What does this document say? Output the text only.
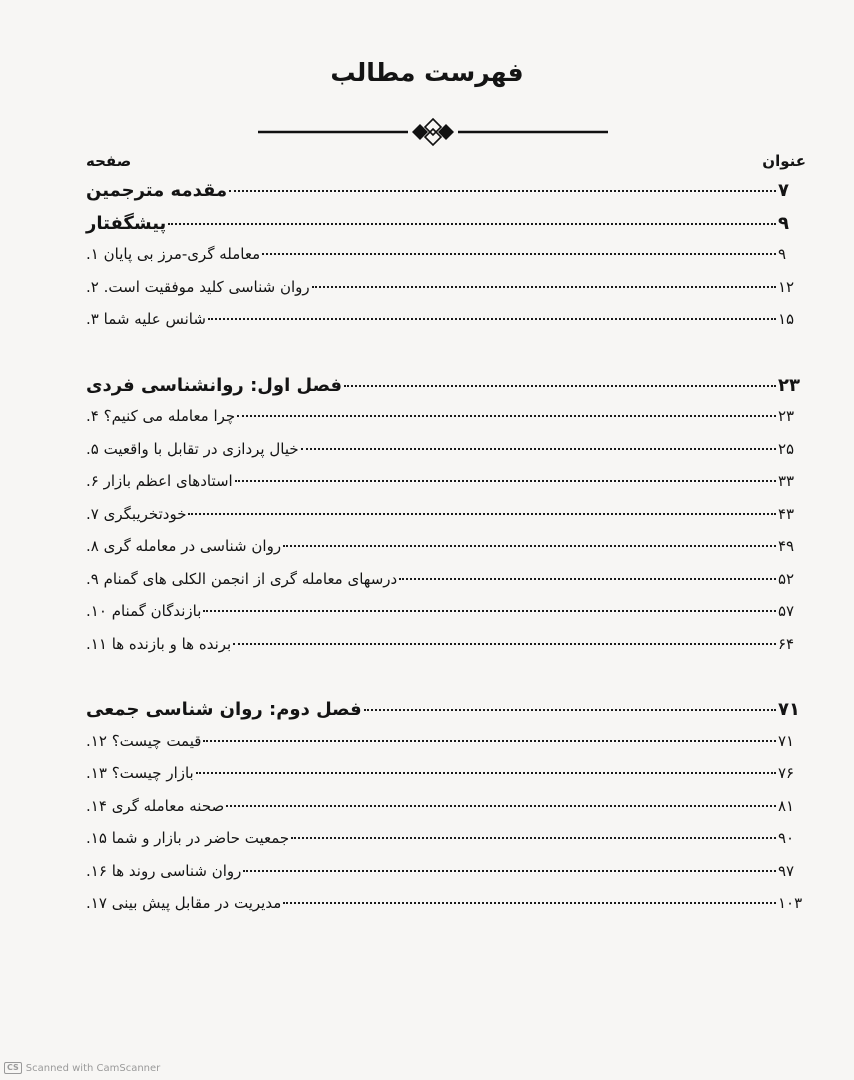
فهرست مطالب
عنوان
صفحه
مقدمه مترجمین	۷
پیشگفتار	۹
۱.
معامله گری-مرز بی پایان	۹
۲.
روان شناسی کلید موفقیت است.	۱۲
۳.
شانس علیه شما	۱۵
فصل اول: روانشناسی فردی	۲۳
۴.
چرا معامله می کنیم؟	۲۳
۵.
خیال پردازی در تقابل با واقعیت	۲۵
۶.
استادهای اعظم بازار	۳۳
۷.
خودتخریبگری	۴۳
۸.
روان شناسی در معامله گری	۴۹
۹.
درسهای معامله گری از انجمن الکلی های گمنام	۵۲
۱۰.
بازندگان گمنام	۵۷
۱۱.
برنده ها و بازنده ها	۶۴
فصل دوم: روان شناسی جمعی	۷۱
۱۲.
قیمت چیست؟	۷۱
۱۳.
بازار چیست؟	۷۶
۱۴.
صحنه معامله گری	۸۱
۱۵.
جمعیت حاضر در بازار و شما	۹۰
۱۶.
روان شناسی روند ها	۹۷
۱۷.
مدیریت در مقابل پیش بینی	۱۰۳
CS Scanned with CamScanner
